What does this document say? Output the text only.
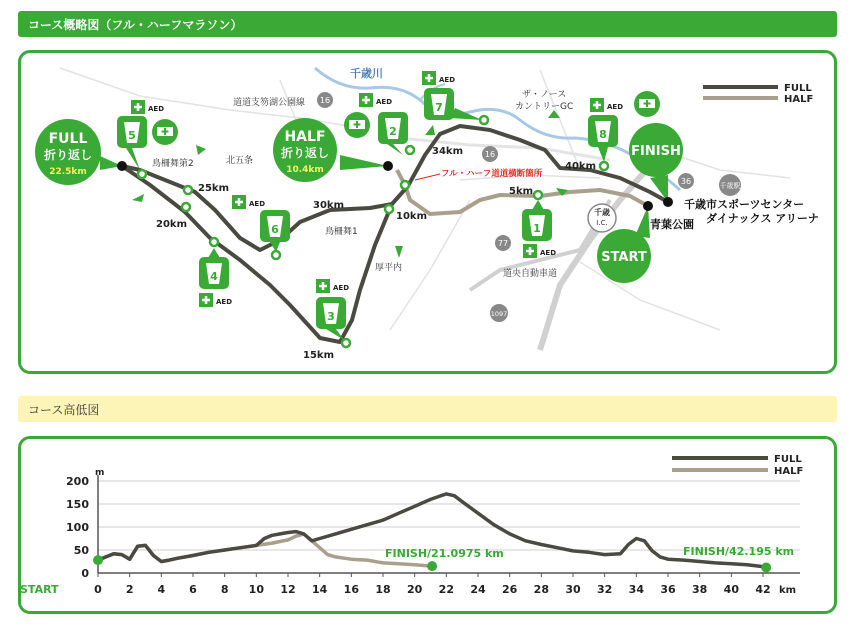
コース概略図（フル・ハーフマラソン）
16
16
36
77
1097
千歳駅
千歳
I.C.
千歳川
道道支笏湖公園線
鳥柵舞第2	北五条
鳥柵舞1
厚平内
ザ・ノース
カントリーGC
道央自動車道
フル・ハーフ道道横断箇所
5km
10km
15km
20km
25km
30km
34km
40km
FULL
折り返し
22.5km
HALF
折り返し
10.4km
FINISH
START
青葉公園
千歳市スポーツセンター
ダイナックス アリーナ
FULL
HALF
1
AED
AED
2
AED
3
4
AED
AED
5
AED
6
AED
7	AED
8
コース高低図
200
150
100
50
0
0 2 4 6 8 10 12 14 16 18 20 22 24 26 28 30 32 34 36 38 40 42
m
km
START
FINISH/21.0975 km	FINISH/42.195 km
FULL
HALF
